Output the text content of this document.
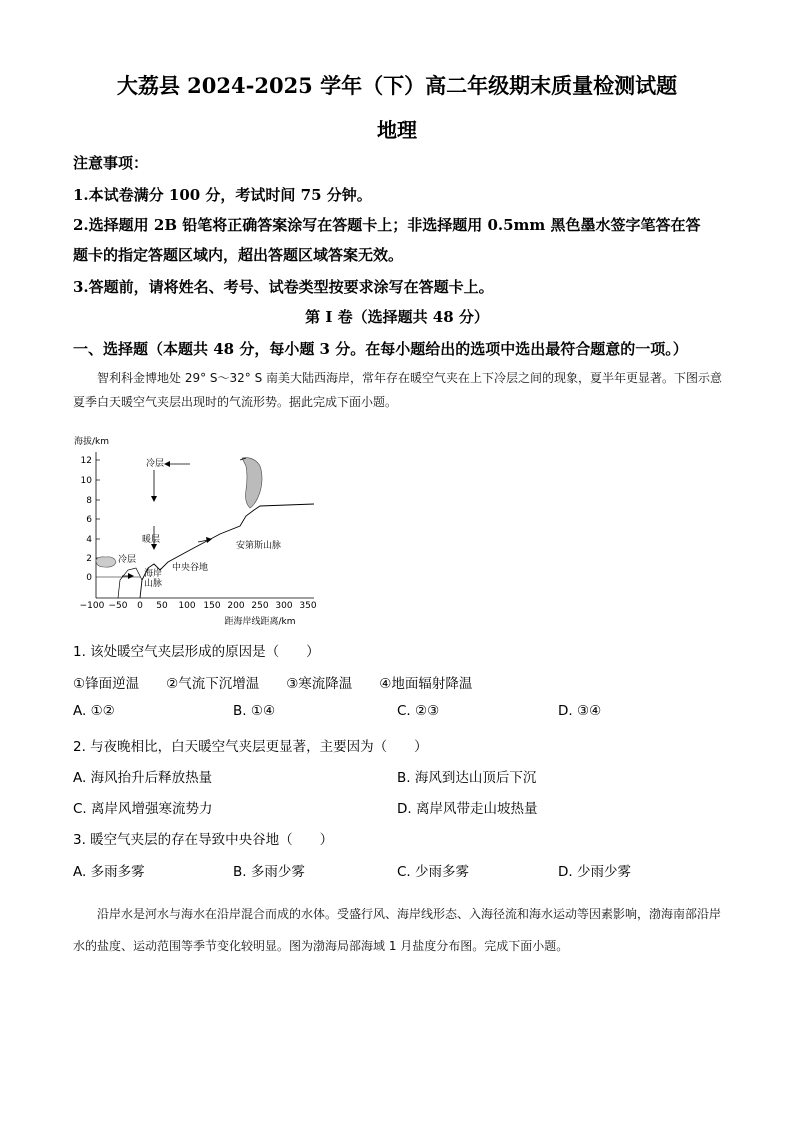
大荔县 2024-2025 学年（下）高二年级期末质量检测试题
地理
注意事项：
1.本试卷满分 100 分，考试时间 75 分钟。
2.选择题用 2B 铅笔将正确答案涂写在答题卡上；非选择题用 0.5mm 黑色墨水签字笔答在答
题卡的指定答题区域内，超出答题区域答案无效。
3.答题前，请将姓名、考号、试卷类型按要求涂写在答题卡上。
第 I 卷（选择题共 48 分）
一、选择题（本题共 48 分，每小题 3 分。在每小题给出的选项中选出最符合题意的一项。）
智利科金博地处 29° S～32° S 南美大陆西海岸，常年存在暖空气夹在上下冷层之间的现象，夏半年更显著。下图示意夏季白天暖空气夹层出现时的气流形势。据此完成下面小题。
海拔/km
12
10
8
6
4
2
0
−100 −50 0 50 100 150 200 250 300 350
距海岸线距离/km
冷层
暖层
冷层
海岸
山脉
中央谷地
安第斯山脉
1. 该处暖空气夹层形成的原因是（　　）
①锋面逆温　　②气流下沉增温　　③寒流降温　　④地面辐射降温
A. ①②	B. ①④	C. ②③	D. ③④
2. 与夜晚相比，白天暖空气夹层更显著，主要因为（　　）
A. 海风抬升后释放热量	B. 海风到达山顶后下沉
C. 离岸风增强寒流势力	D. 离岸风带走山坡热量
3. 暖空气夹层的存在导致中央谷地（　　）
A. 多雨多雾	B. 多雨少雾	C. 少雨多雾	D. 少雨少雾
沿岸水是河水与海水在沿岸混合而成的水体。受盛行风、海岸线形态、入海径流和海水运动等因素影响，渤海南部沿岸水的盐度、运动范围等季节变化较明显。图为渤海局部海域 1 月盐度分布图。完成下面小题。
